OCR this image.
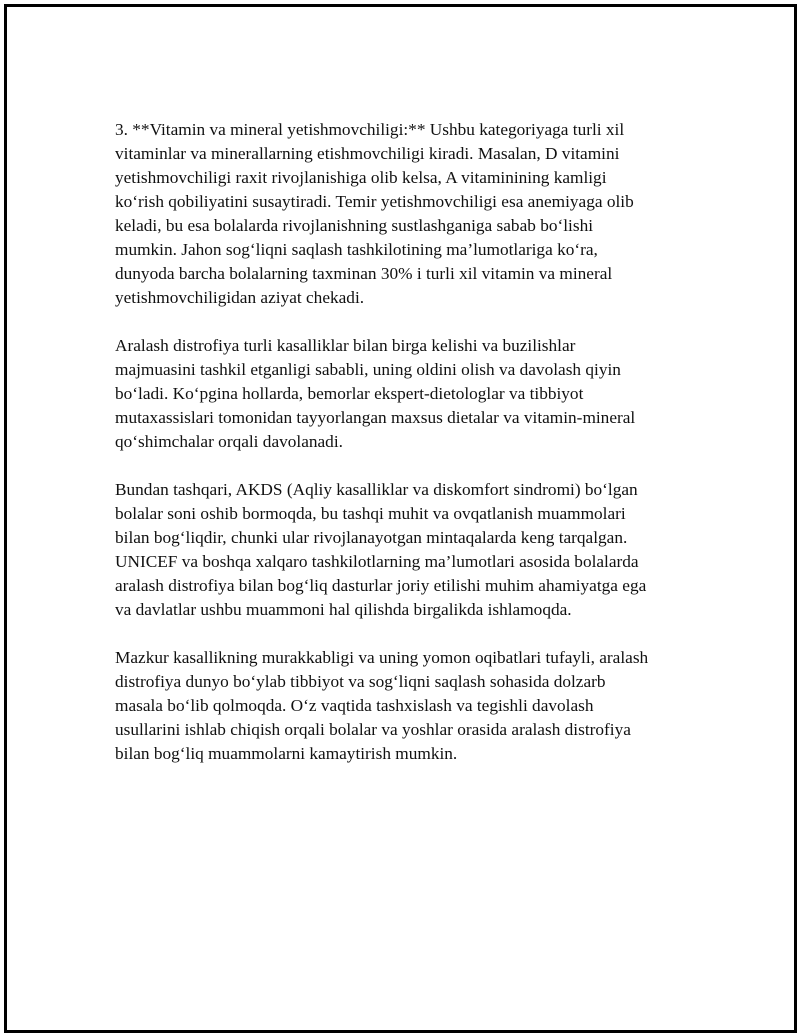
3. **Vitamin va mineral yetishmovchiligi:** Ushbu kategoriyaga turli xil
vitaminlar va minerallarning etishmovchiligi kiradi. Masalan, D vitamini
yetishmovchiligi raxit rivojlanishiga olib kelsa, A vitaminining kamligi
ko‘rish qobiliyatini susaytiradi. Temir yetishmovchiligi esa anemiyaga olib
keladi, bu esa bolalarda rivojlanishning sustlashganiga sabab bo‘lishi
mumkin. Jahon sog‘liqni saqlash tashkilotining ma’lumotlariga ko‘ra,
dunyoda barcha bolalarning taxminan 30% i turli xil vitamin va mineral
yetishmovchiligidan aziyat chekadi.

Aralash distrofiya turli kasalliklar bilan birga kelishi va buzilishlar
majmuasini tashkil etganligi sababli, uning oldini olish va davolash qiyin
bo‘ladi. Ko‘pgina hollarda, bemorlar ekspert-dietologlar va tibbiyot
mutaxassislari tomonidan tayyorlangan maxsus dietalar va vitamin-mineral
qo‘shimchalar orqali davolanadi.

Bundan tashqari, AKDS (Aqliy kasalliklar va diskomfort sindromi) bo‘lgan
bolalar soni oshib bormoqda, bu tashqi muhit va ovqatlanish muammolari
bilan bog‘liqdir, chunki ular rivojlanayotgan mintaqalarda keng tarqalgan.
UNICEF va boshqa xalqaro tashkilotlarning ma’lumotlari asosida bolalarda
aralash distrofiya bilan bog‘liq dasturlar joriy etilishi muhim ahamiyatga ega
va davlatlar ushbu muammoni hal qilishda birgalikda ishlamoqda.

Mazkur kasallikning murakkabligi va uning yomon oqibatlari tufayli, aralash
distrofiya dunyo bo‘ylab tibbiyot va sog‘liqni saqlash sohasida dolzarb
masala bo‘lib qolmoqda. O‘z vaqtida tashxislash va tegishli davolash
usullarini ishlab chiqish orqali bolalar va yoshlar orasida aralash distrofiya
bilan bog‘liq muammolarni kamaytirish mumkin.
